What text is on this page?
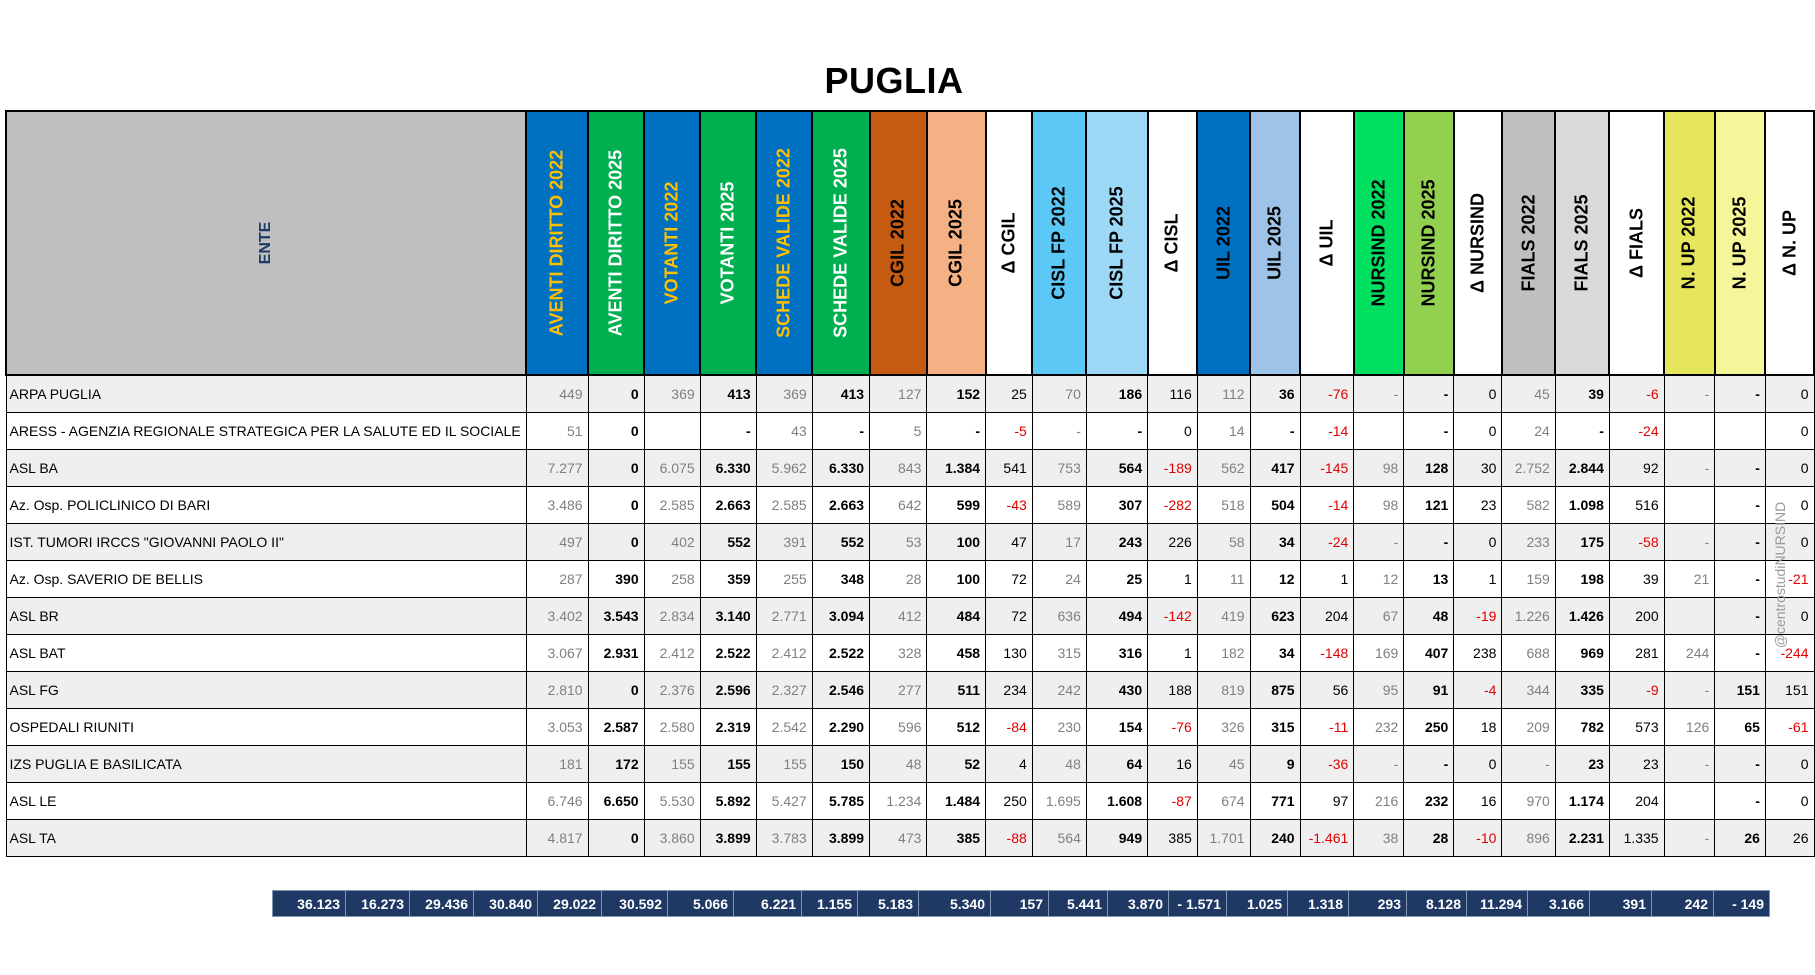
PUGLIA
NURSIND
ENTE	AVENTI DIRITTO 2022	AVENTI DIRITTO 2025	VOTANTI 2022	VOTANTI 2025	SCHEDE VALIDE 2022	SCHEDE VALIDE 2025	CGIL 2022	CGIL 2025	Δ CGIL	CISL FP 2022	CISL FP 2025	Δ CISL	UIL 2022	UIL 2025	Δ UIL	NURSIND 2022	NURSIND 2025	Δ NURSIND	FIALS 2022	FIALS 2025	Δ FIALS	N. UP 2022	N. UP 2025	Δ N. UP

ARPA PUGLIA	449	0	369	413	369	413	127	152	25	70	186	116	112	36	-76	-	-	0	45	39	-6	-	-	0
ARESS - AGENZIA REGIONALE STRATEGICA PER LA SALUTE ED IL SOCIALE	51	0		-	43	-	5	-	-5	-	-	0	14	-	-14		-	0	24	-	-24			0
ASL BA	7.277	0	6.075	6.330	5.962	6.330	843	1.384	541	753	564	-189	562	417	-145	98	128	30	2.752	2.844	92	-	-	0
Az. Osp. POLICLINICO DI BARI	3.486	0	2.585	2.663	2.585	2.663	642	599	-43	589	307	-282	518	504	-14	98	121	23	582	1.098	516		-	0
IST. TUMORI IRCCS "GIOVANNI PAOLO II"	497	0	402	552	391	552	53	100	47	17	243	226	58	34	-24	-	-	0	233	175	-58	-	-	0
Az. Osp. SAVERIO DE BELLIS	287	390	258	359	255	348	28	100	72	24	25	1	11	12	1	12	13	1	159	198	39	21	-	-21
ASL BR	3.402	3.543	2.834	3.140	2.771	3.094	412	484	72	636	494	-142	419	623	204	67	48	-19	1.226	1.426	200		-	0
ASL BAT	3.067	2.931	2.412	2.522	2.412	2.522	328	458	130	315	316	1	182	34	-148	169	407	238	688	969	281	244	-	-244
ASL FG	2.810	0	2.376	2.596	2.327	2.546	277	511	234	242	430	188	819	875	56	95	91	-4	344	335	-9	-	151	151
OSPEDALI RIUNITI	3.053	2.587	2.580	2.319	2.542	2.290	596	512	-84	230	154	-76	326	315	-11	232	250	18	209	782	573	126	65	-61
IZS PUGLIA E BASILICATA	181	172	155	155	155	150	48	52	4	48	64	16	45	9	-36	-	-	0	-	23	23	-	-	0
ASL LE	6.746	6.650	5.530	5.892	5.427	5.785	1.234	1.484	250	1.695	1.608	-87	674	771	97	216	232	16	970	1.174	204		-	0
ASL TA	4.817	0	3.860	3.899	3.783	3.899	473	385	-88	564	949	385	1.701	240	-1.461	38	28	-10	896	2.231	1.335	-	26	26
36.123	16.273	29.436	30.840	29.022	30.592	5.066	6.221	1.155	5.183	5.340	157	5.441	3.870	- 1.571	1.025	1.318	293	8.128	11.294	3.166	391	242	- 149
@centrostudiNURSIND
